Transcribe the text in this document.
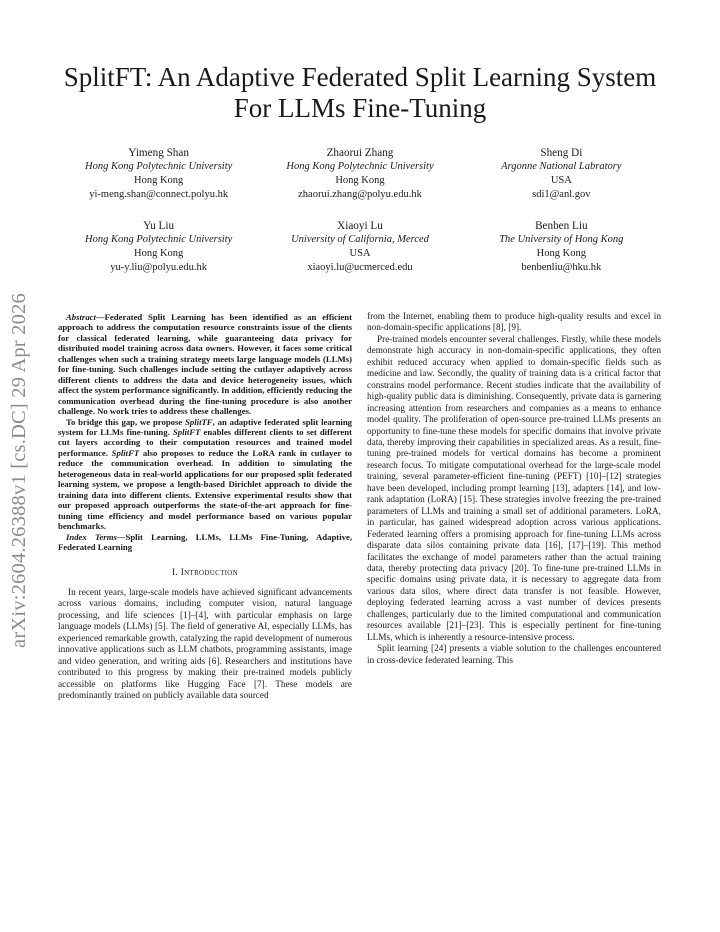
arXiv:2604.26388v1 [cs.DC] 29 Apr 2026
SplitFT: An Adaptive Federated Split Learning System For LLMs Fine-Tuning
Yimeng Shan
Hong Kong Polytechnic University
Hong Kong
yi-meng.shan@connect.polyu.hk
Zhaorui Zhang
Hong Kong Polytechnic University
Hong Kong
zhaorui.zhang@polyu.edu.hk
Sheng Di
Argonne National Labratory
USA
sdi1@anl.gov
Yu Liu
Hong Kong Polytechnic University
Hong Kong
yu-y.liu@polyu.edu.hk
Xiaoyi Lu
University of California, Merced
USA
xiaoyi.lu@ucmerced.edu
Benben Liu
The University of Hong Kong
Hong Kong
benbenliu@hku.hk

Abstract—Federated Split Learning has been identified as an efficient approach to address the computation resource constraints issue of the clients for classical federated learning, while guaranteeing data privacy for distributed model training across data owners. However, it faces some critical challenges when such a training strategy meets large language models (LLMs) for fine-tuning. Such challenges include setting the cutlayer adaptively across different clients to address the data and device heterogeneity issues, which affect the system performance significantly. In addition, efficiently reducing the communication overhead during the fine-tuning procedure is also another challenge. No work tries to address these challenges.

To bridge this gap, we propose SplitTF, an adaptive federated split learning system for LLMs fine-tuning. SplitFT enables different clients to set different cut layers according to their computation resources and trained model performance. SplitFT also proposes to reduce the LoRA rank in cutlayer to reduce the communication overhead. In addition to simulating the heterogeneous data in real-world applications for our proposed split federated learning system, we propose a length-based Dirichlet approach to divide the training data into different clients. Extensive experimental results show that our proposed approach outperforms the state-of-the-art approach for fine-tuning time efficiency and model performance based on various popular benchmarks.

Index Terms—Split Learning, LLMs, LLMs Fine-Tuning, Adaptive, Federated Learning

I. Introduction

In recent years, large-scale models have achieved significant advancements across various domains, including computer vision, natural language processing, and life sciences [1]–[4], with particular emphasis on large language models (LLMs) [5]. The field of generative AI, especially LLMs, has experienced remarkable growth, catalyzing the rapid development of numerous innovative applications such as LLM chatbots, programming assistants, image and video generation, and writing aids [6]. Researchers and institutions have contributed to this progress by making their pre-trained models publicly accessible on platforms like Hugging Face [7]. These models are predominantly trained on publicly available data sourced

from the Internet, enabling them to produce high-quality results and excel in non-domain-specific applications [8], [9].

Pre-trained models encounter several challenges. Firstly, while these models demonstrate high accuracy in non-domain-specific applications, they often exhibit reduced accuracy when applied to domain-specific fields such as medicine and law. Secondly, the quality of training data is a critical factor that constrains model performance. Recent studies indicate that the availability of high-quality public data is diminishing. Consequently, private data is garnering increasing attention from researchers and companies as a means to enhance model quality. The proliferation of open-source pre-trained LLMs presents an opportunity to fine-tune these models for specific domains that involve private data, thereby improving their capabilities in specialized areas. As a result, fine-tuning pre-trained models for vertical domains has become a prominent research focus. To mitigate computational overhead for the large-scale model training, several parameter-efficient fine-tuning (PEFT) [10]–[12] strategies have been developed, including prompt learning [13], adapters [14], and low-rank adaptation (LoRA) [15]. These strategies involve freezing the pre-trained parameters of LLMs and training a small set of additional parameters. LoRA, in particular, has gained widespread adoption across various applications. Federated learning offers a promising approach for fine-tuning LLMs across disparate data silos containing private data [16], [17]–[19]. This method facilitates the exchange of model parameters rather than the actual training data, thereby protecting data privacy [20]. To fine-tune pre-trained LLMs in specific domains using private data, it is necessary to aggregate data from various data silos, where direct data transfer is not feasible. However, deploying federated learning across a vast number of devices presents challenges, particularly due to the limited computational and communication resources available [21]–[23]. This is especially pertinent for fine-tuning LLMs, which is inherently a resource-intensive process.

Split learning [24] presents a viable solution to the challenges encountered in cross-device federated learning. This
